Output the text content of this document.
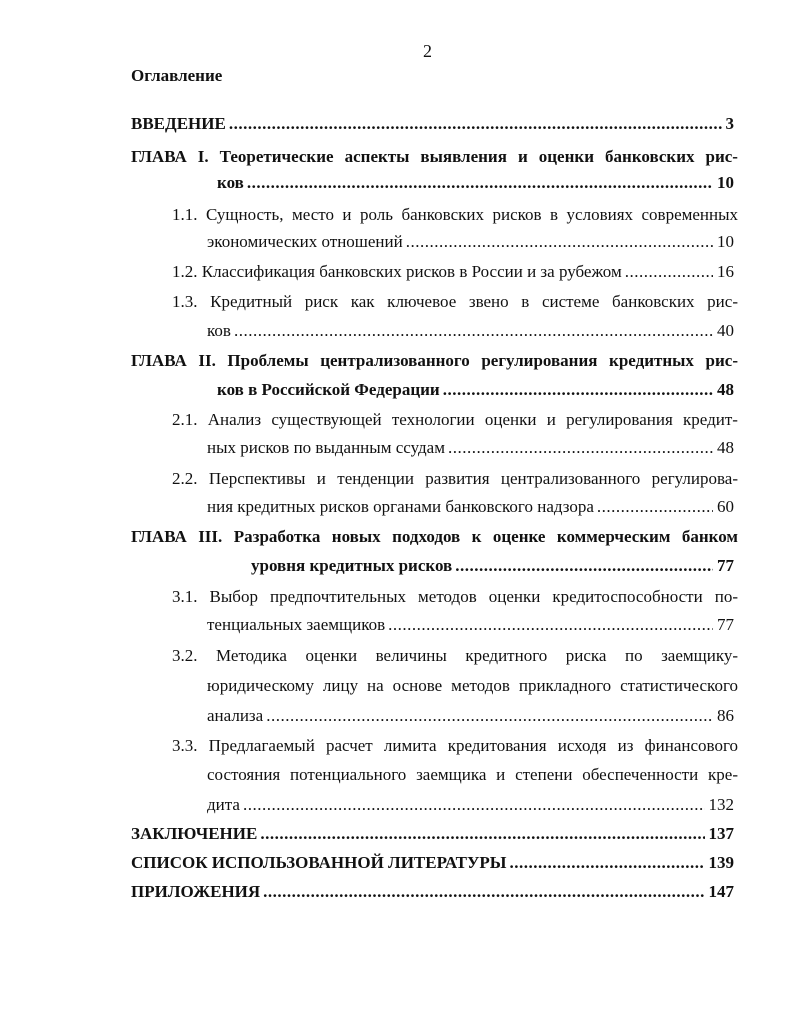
2
Оглавление
ВВЕДЕНИЕ .....	3
ГЛАВА I. Теоретические аспекты выявления и оценки банковских рис-
ков .....	10
1.1. Сущность, место и роль банковских рисков в условиях современных
экономических отношений .....	10
1.2. Классификация банковских рисков в России и за рубежом .....	16
1.3. Кредитный риск как ключевое звено в системе банковских рис-
ков .....	40
ГЛАВА II. Проблемы централизованного регулирования кредитных рис-
ков в Российской Федерации .....	48
2.1. Анализ существующей технологии оценки и регулирования кредит-
ных рисков по выданным ссудам .....	48
2.2. Перспективы и тенденции развития централизованного регулирова-
ния кредитных рисков органами банковского надзора .....	60
ГЛАВА III. Разработка новых подходов к оценке коммерческим банком
уровня кредитных рисков .....	77
3.1. Выбор предпочтительных методов оценки кредитоспособности по-
тенциальных заемщиков .....	77
3.2. Методика оценки величины кредитного риска по заемщику-
юридическому лицу на основе методов прикладного статистического
анализа .....	86
3.3. Предлагаемый расчет лимита кредитования исходя из финансового
состояния потенциального заемщика и степени обеспеченности кре-
дита .....	132
ЗАКЛЮЧЕНИЕ .....	137
СПИСОК ИСПОЛЬЗОВАННОЙ ЛИТЕРАТУРЫ .....	139
ПРИЛОЖЕНИЯ .....	147
